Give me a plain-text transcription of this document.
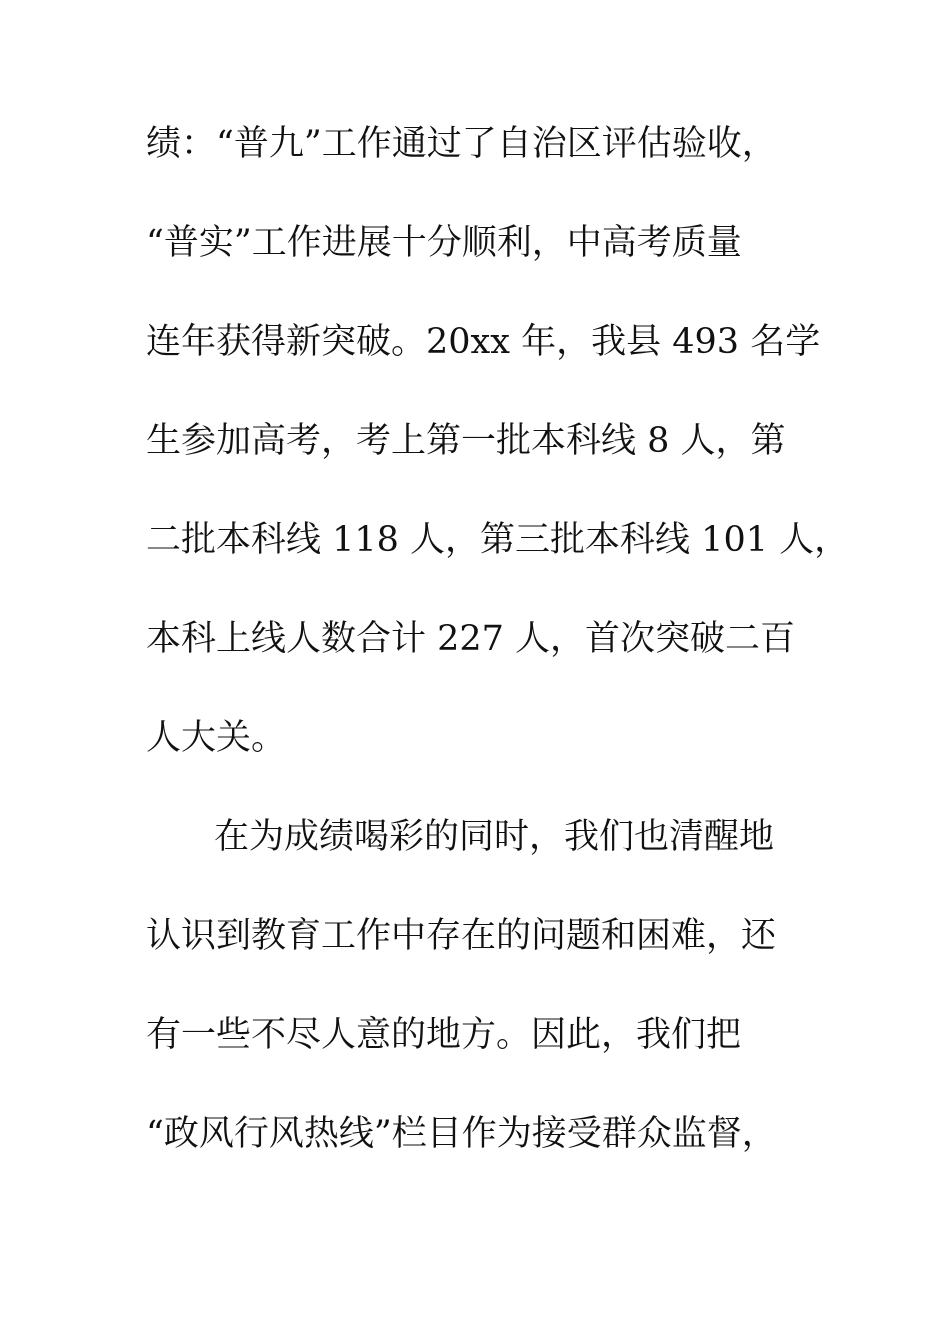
绩：“普九”工作通过了自治区评估验收，
“普实”工作进展十分顺利，中高考质量
连年获得新突破。20xx 年，我县 493 名学
生参加高考，考上第一批本科线 8 人，第
二批本科线 118 人，第三批本科线 101 人，
本科上线人数合计 227 人，首次突破二百
人大关。
在为成绩喝彩的同时，我们也清醒地
认识到教育工作中存在的问题和困难，还
有一些不尽人意的地方。因此，我们把
“政风行风热线”栏目作为接受群众监督，
